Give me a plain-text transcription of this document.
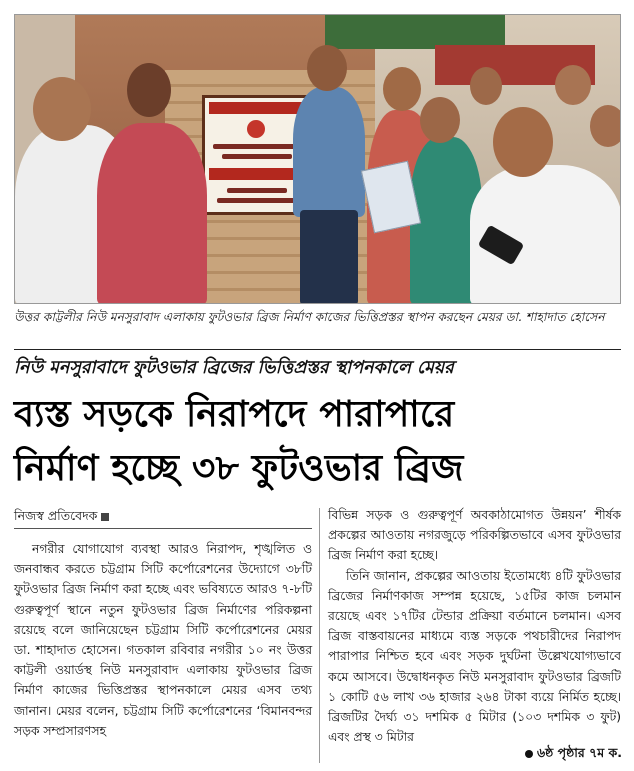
উত্তর কাট্টলীর নিউ মনসুরাবাদ এলাকায় ফুটওভার ব্রিজ নির্মাণ কাজের ভিত্তিপ্রস্তর স্থাপন করছেন মেয়র ডা. শাহাদাত হোসেন
নিউ মনসুরাবাদে ফুটওভার ব্রিজের ভিত্তিপ্রস্তর স্থাপনকালে মেয়র
ব্যস্ত সড়কে নিরাপদে পারাপারে
নির্মাণ হচ্ছে ৩৮ ফুটওভার ব্রিজ
নিজস্ব প্রতিবেদক

নগরীর যোগাযোগ ব্যবস্থা আরও নিরাপদ, শৃঙ্খলিত ও জনবান্ধব করতে চট্টগ্রাম সিটি কর্পোরেশনের উদ্যোগে ৩৮টি ফুটওভার ব্রিজ নির্মাণ করা হচ্ছে এবং ভবিষ্যতে আরও ৭-৮টি গুরুত্বপূর্ণ স্থানে নতুন ফুটওভার ব্রিজ নির্মাণের পরিকল্পনা রয়েছে বলে জানিয়েছেন চট্টগ্রাম সিটি কর্পোরেশনের মেয়র ডা. শাহাদাত হোসেন। গতকাল রবিবার নগরীর ১০ নং উত্তর কাট্টলী ওয়ার্ডস্থ নিউ মনসুরাবাদ এলাকায় ফুটওভার ব্রিজ নির্মাণ কাজের ভিত্তিপ্রস্তর স্থাপনকালে মেয়র এসব তথ্য জানান। মেয়র বলেন, চট্টগ্রাম সিটি কর্পোরেশনের ‘বিমানবন্দর সড়ক সম্প্রসারণসহ

বিভিন্ন সড়ক ও গুরুত্বপূর্ণ অবকাঠামোগত উন্নয়ন’ শীর্ষক প্রকল্পের আওতায় নগরজুড়ে পরিকল্পিতভাবে এসব ফুটওভার ব্রিজ নির্মাণ করা হচ্ছে।

তিনি জানান, প্রকল্পের আওতায় ইতোমধ্যে ৪টি ফুটওভার ব্রিজের নির্মাণকাজ সম্পন্ন হয়েছে, ১৫টির কাজ চলমান রয়েছে এবং ১৭টির টেন্ডার প্রক্রিয়া বর্তমানে চলমান। এসব ব্রিজ বাস্তবায়নের মাধ্যমে ব্যস্ত সড়কে পথচারীদের নিরাপদ পারাপার নিশ্চিত হবে এবং সড়ক দুর্ঘটনা উল্লেখযোগ্যভাবে কমে আসবে। উদ্বোধনকৃত নিউ মনসুরাবাদ ফুটওভার ব্রিজটি ১ কোটি ৫৬ লাখ ৩৬ হাজার ২৬৪ টাকা ব্যয়ে নির্মিত হচ্ছে। ব্রিজটির দৈর্ঘ্য ৩১ দশমিক ৫ মিটার (১০৩ দশমিক ৩ ফুট) এবং প্রস্থ ৩ মিটার

৬ষ্ঠ পৃষ্ঠার ৭ম ক.
